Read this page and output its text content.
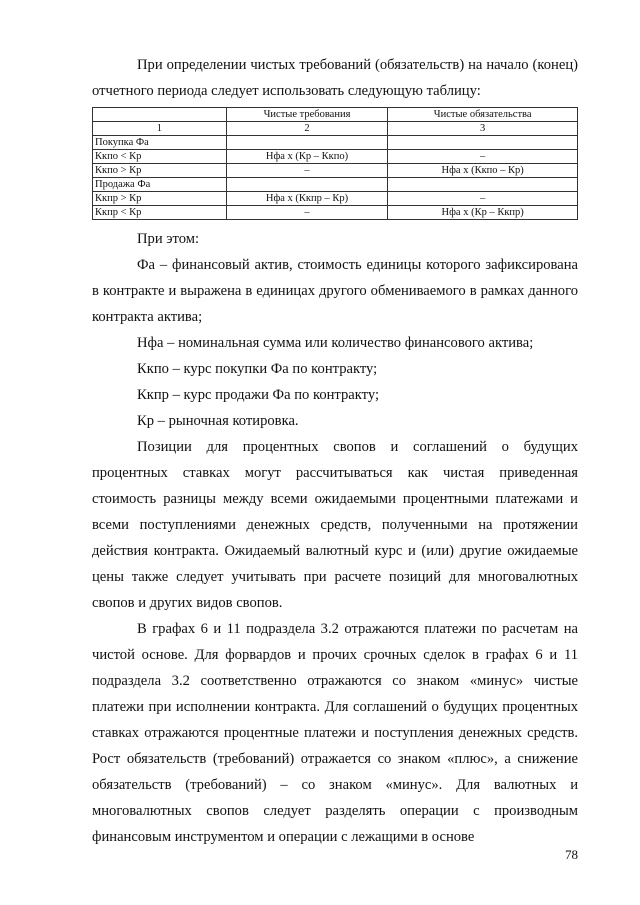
При определении чистых требований (обязательств) на начало (конец) отчетного периода следует использовать следующую таблицу:

	Чистые требования	Чистые обязательства
1	2	3
Покупка Фа		
Ккпо < Кр	Нфа х (Кр – Ккпо)	–
Ккпо > Кр	–	Нфа х (Ккпо – Кр)
Продажа Фа		
Ккпр > Кр	Нфа х (Ккпр – Кр)	–
Ккпр < Кр	–	Нфа х (Кр – Ккпр)

При этом:

Фа – финансовый актив, стоимость единицы которого зафиксирована в контракте и выражена в единицах другого обмениваемого в рамках данного контракта актива;

Нфа – номинальная сумма или количество финансового актива;

Ккпо – курс покупки Фа по контракту;

Ккпр – курс продажи Фа по контракту;

Кр – рыночная котировка.

Позиции для процентных свопов и соглашений о будущих процентных ставках могут рассчитываться как чистая приведенная стоимость разницы между всеми ожидаемыми процентными платежами и всеми поступлениями денежных средств, полученными на протяжении действия контракта. Ожидаемый валютный курс и (или) другие ожидаемые цены также следует учитывать при расчете позиций для многовалютных свопов и других видов свопов.

В графах 6 и 11 подраздела 3.2 отражаются платежи по расчетам на чистой основе. Для форвардов и прочих срочных сделок в графах 6 и 11 подраздела 3.2 соответственно отражаются со знаком «минус» чистые платежи при исполнении контракта. Для соглашений о будущих процентных ставках отражаются процентные платежи и поступления денежных средств. Рост обязательств (требований) отражается со знаком «плюс», а снижение обязательств (требований) – со знаком «минус». Для валютных и многовалютных свопов следует разделять операции с производным финансовым инструментом и операции с лежащими в основе

78
